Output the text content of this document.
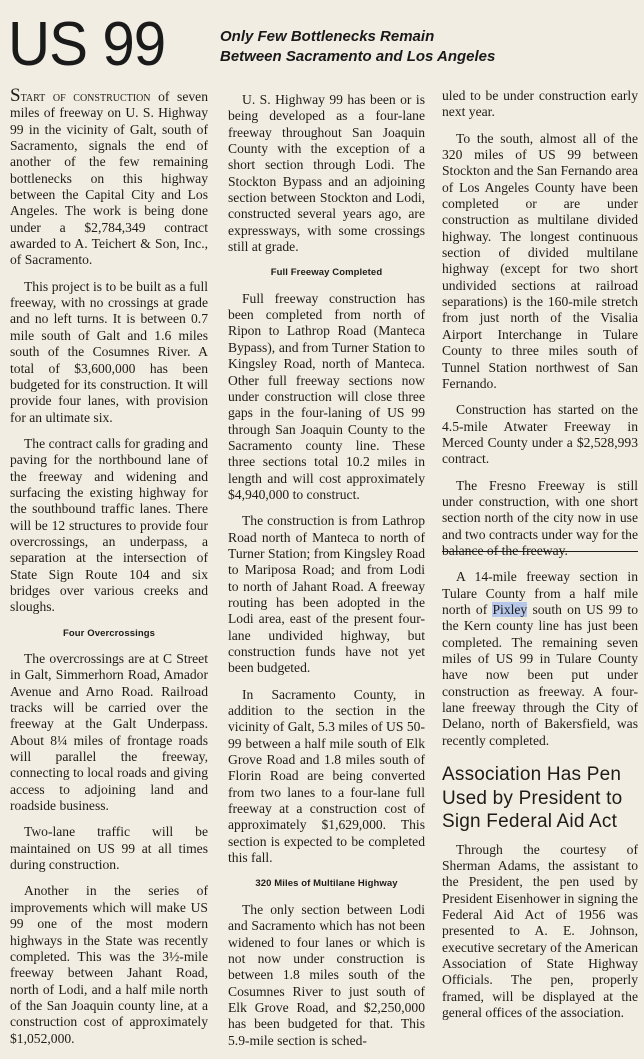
US 99	Only Few Bottlenecks Remain
Between Sacramento and Los Angeles

Start of construction of seven miles of freeway on U. S. Highway 99 in the vicinity of Galt, south of Sacramento, signals the end of another of the few remaining bottlenecks on this highway between the Capital City and Los Angeles. The work is being done under a $2,784,349 contract awarded to A. Teichert & Son, Inc., of Sacramento.

This project is to be built as a full freeway, with no crossings at grade and no left turns. It is between 0.7 mile south of Galt and 1.6 miles south of the Cosumnes River. A total of $3,600,000 has been budgeted for its construction. It will provide four lanes, with provision for an ultimate six.

The contract calls for grading and paving for the northbound lane of the freeway and widening and surfacing the existing highway for the southbound traffic lanes. There will be 12 structures to provide four overcrossings, an underpass, a separation at the intersection of State Sign Route 104 and six bridges over various creeks and sloughs.

Four Overcrossings

The overcrossings are at C Street in Galt, Simmerhorn Road, Amador Avenue and Arno Road. Railroad tracks will be carried over the freeway at the Galt Underpass. About 8¼ miles of frontage roads will parallel the freeway, connecting to local roads and giving access to adjoining land and roadside business.

Two-lane traffic will be maintained on US 99 at all times during construction.

Another in the series of improvements which will make US 99 one of the most modern highways in the State was recently completed. This was the 3½-mile freeway between Jahant Road, north of Lodi, and a half mile north of the San Joaquin county line, at a construction cost of approximately $1,052,000.

U. S. Highway 99 has been or is being developed as a four-lane freeway throughout San Joaquin County with the exception of a short section through Lodi. The Stockton Bypass and an adjoining section between Stockton and Lodi, constructed several years ago, are expressways, with some crossings still at grade.

Full Freeway Completed

Full freeway construction has been completed from north of Ripon to Lathrop Road (Manteca Bypass), and from Turner Station to Kingsley Road, north of Manteca. Other full freeway sections now under construction will close three gaps in the four-laning of US 99 through San Joaquin County to the Sacramento county line. These three sections total 10.2 miles in length and will cost approximately $4,940,000 to construct.

The construction is from Lathrop Road north of Manteca to north of Turner Station; from Kingsley Road to Mariposa Road; and from Lodi to north of Jahant Road. A freeway routing has been adopted in the Lodi area, east of the present four-lane undivided highway, but construction funds have not yet been budgeted.

In Sacramento County, in addition to the section in the vicinity of Galt, 5.3 miles of US 50-99 between a half mile south of Elk Grove Road and 1.8 miles south of Florin Road are being converted from two lanes to a four-lane full freeway at a construction cost of approximately $1,629,000. This section is expected to be completed this fall.

320 Miles of Multilane Highway

The only section between Lodi and Sacramento which has not been widened to four lanes or which is not now under construction is between 1.8 miles south of the Cosumnes River to just south of Elk Grove Road, and $2,250,000 has been budgeted for that. This 5.9-mile section is sched-

uled to be under construction early next year.

To the south, almost all of the 320 miles of US 99 between Stockton and the San Fernando area of Los Angeles County have been completed or are under construction as multilane divided highway. The longest continuous section of divided multilane highway (except for two short undivided sections at railroad separations) is the 160-mile stretch from just north of the Visalia Airport Interchange in Tulare County to three miles south of Tunnel Station northwest of San Fernando.

Construction has started on the 4.5-mile Atwater Freeway in Merced County under a $2,528,993 contract.

The Fresno Freeway is still under construction, with one short section north of the city now in use and two contracts under way for the balance of the freeway.

A 14-mile freeway section in Tulare County from a half mile north of Pixley south on US 99 to the Kern county line has just been completed. The remaining seven miles of US 99 in Tulare County have now been put under construction as freeway. A four-lane freeway through the City of Delano, north of Bakersfield, was recently completed.

Association Has Pen Used by President to Sign Federal Aid Act

Through the courtesy of Sherman Adams, the assistant to the President, the pen used by President Eisenhower in signing the Federal Aid Act of 1956 was presented to A. E. Johnson, executive secretary of the American Association of State Highway Officials. The pen, properly framed, will be displayed at the general offices of the association.
